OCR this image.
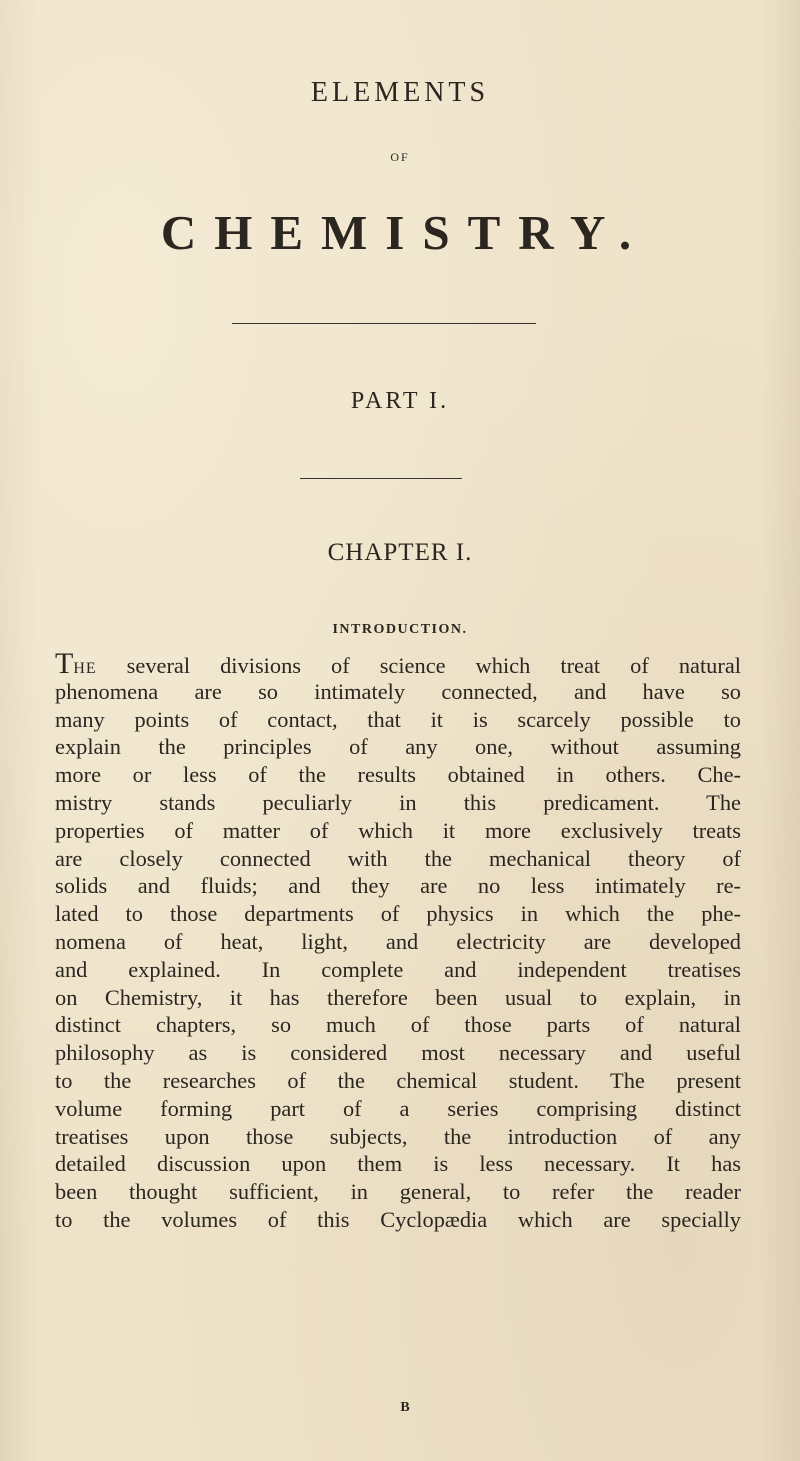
ELEMENTS
OF
CHEMISTRY.
PART I.
CHAPTER I.
INTRODUCTION.
The several divisions of science which treat of natural
phenomena are so intimately connected, and have so
many points of contact, that it is scarcely possible to
explain the principles of any one, without assuming
more or less of the results obtained in others. Che-
mistry stands peculiarly in this predicament. The
properties of matter of which it more exclusively treats
are closely connected with the mechanical theory of
solids and fluids; and they are no less intimately re-
lated to those departments of physics in which the phe-
nomena of heat, light, and electricity are developed
and explained. In complete and independent treatises
on Chemistry, it has therefore been usual to explain, in
distinct chapters, so much of those parts of natural
philosophy as is considered most necessary and useful
to the researches of the chemical student. The present
volume forming part of a series comprising distinct
treatises upon those subjects, the introduction of any
detailed discussion upon them is less necessary. It has
been thought sufficient, in general, to refer the reader
to the volumes of this Cyclopædia which are specially
B
